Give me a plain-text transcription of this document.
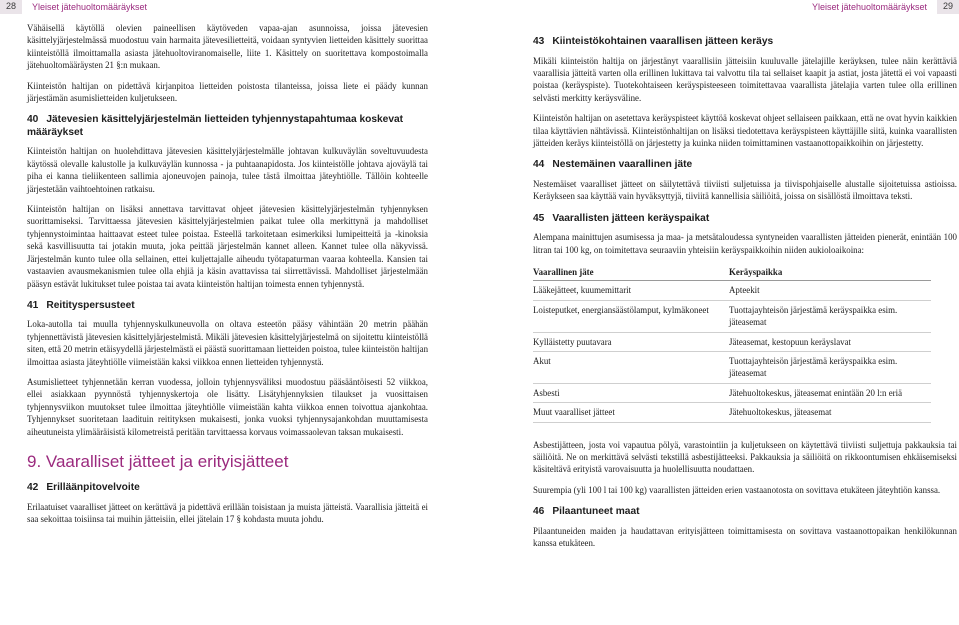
28	Yleiset jätehuoltomääräykset	Yleiset jätehuoltomääräykset	29

Vähäisellä käytöllä olevien paineellisen käytöveden vapaa-ajan asunnoissa, joissa jätevesien käsittelyjärjestelmässä muodostuu vain harmaita jätevesilietteitä, voidaan syntyvien lietteiden käsittely suorittaa kiinteistöllä ilmoittamalla asiasta jätehuoltoviranomaiselle, liite 1. Käsittely on suoritettava kompostoimalla jätehuoltomääräysten 21 §:n mukaan.

Kiinteistön haltijan on pidettävä kirjanpitoa lietteiden poistosta tilanteissa, joissa liete ei päädy kunnan järjestämän asumislietteiden kuljetukseen.

40 Jätevesien käsittelyjärjestelmän lietteiden tyhjennystapahtumaa koskevat määräykset

Kiinteistön haltijan on huolehdittava jätevesien käsittelyjärjestelmälle johtavan kulkuväylän soveltuvuudesta käytössä olevalle kalustolle ja kulkuväylän kunnossa - ja puhtaanapidosta. Jos kiinteistölle johtava ajoväylä tai piha ei kanna tieliikenteen sallimia ajoneuvojen painoja, tulee tästä ilmoittaa jäteyhtiölle. Tällöin kohteelle järjestetään vaihtoehtoinen ratkaisu.

Kiinteistön haltijan on lisäksi annettava tarvittavat ohjeet jätevesien käsittelyjärjestelmän tyhjennyksen suorittamiseksi. Tarvittaessa jätevesien käsittelyjärjestelmien paikat tulee olla merkittynä ja mahdolliset tyhjennystoimintaa haittaavat esteet tulee poistaa. Esteellä tarkoitetaan esimerkiksi lumipeitteitä ja -kinoksia sekä kasvillisuutta tai jotakin muuta, joka peittää järjestelmän kannet alleen. Kannet tulee olla näkyvissä. Järjestelmän kunto tulee olla sellainen, ettei kuljettajalle aiheudu työtapaturman vaaraa kohteella. Kansien tai vastaavien avausmekanismien tulee olla ehjiä ja käsin avattavissa tai siirrettävissä. Mahdolliset järjestelmään pääsyn estävät lukitukset tulee poistaa tai avata kiinteistön haltijan toimesta ennen tyhjennystä.

41 Reitityspersusteet

Loka-autolla tai muulla tyhjennyskulkuneuvolla on oltava esteetön pääsy vähintään 20 metrin päähän tyhjennettävistä jätevesien käsittelyjärjestelmistä. Mikäli jätevesien käsittelyjärjestelmä on sijoitettu kiinteistöllä siten, että 20 metrin etäisyydellä järjestelmästä ei päästä suorittamaan lietteiden poistoa, tulee kiinteistön haltijan ilmoittaa asiasta jäteyhtiölle viimeistään kaksi viikkoa ennen lietteiden tyhjennystä.

Asumislietteet tyhjennetään kerran vuodessa, jolloin tyhjennysväliksi muodostuu pääsääntöisesti 52 viikkoa, ellei asiakkaan pyynnöstä tyhjennyskertoja ole lisätty. Lisätyhjennyksien tilaukset ja vuosittaisen tyhjennysviikon muutokset tulee ilmoittaa jäteyhtiölle viimeistään kahta viikkoa ennen toivottua ajankohtaa. Tyhjennykset suoritetaan laadituin reitityksen mukaisesti, jonka vuoksi tyhjennysajankohdan muuttamisesta aiheutuneista ylimääräisistä kilometreistä peritään tarvittaessa korvaus voimassaolevan taksan mukaisesti.

9. Vaaralliset jätteet ja erityisjätteet
42 Erilläänpitovelvoite

Erilaatuiset vaaralliset jätteet on kerättävä ja pidettävä erillään toisistaan ja muista jätteistä. Vaarallisia jätteitä ei saa sekoittaa toisiinsa tai muihin jätteisiin, ellei jätelain 17 § kohdasta muuta johdu.

43 Kiinteistökohtainen vaarallisen jätteen keräys

Mikäli kiinteistön haltija on järjestänyt vaarallisiin jätteisiin kuuluvalle jätelajille keräyksen, tulee näin kerättäviä vaarallisia jätteitä varten olla erillinen lukittava tai valvottu tila tai sellaiset kaapit ja astiat, josta jätettä ei voi vapaasti poistaa (keräyspiste). Tuotekohtaiseen keräyspisteeseen toimitettavaa vaarallista jätelajia varten tulee olla erillinen selvästi merkitty keräysväline.

Kiinteistön haltijan on asetettava keräyspisteet käyttöä koskevat ohjeet sellaiseen paikkaan, että ne ovat hyvin kaikkien tilaa käyttävien nähtävissä. Kiinteistönhaltijan on lisäksi tiedotettava keräyspisteen käyttäjille siitä, kuinka vaarallisten jätteiden keräys kiinteistöllä on järjestetty ja kuinka niiden toimittaminen vastaanottopaikkoihin on järjestetty.

44 Nestemäinen vaarallinen jäte

Nestemäiset vaaralliset jätteet on säilytettävä tiiviisti suljetuissa ja tiivispohjaiselle alustalle sijoitetuissa astioissa. Keräykseen saa käyttää vain hyväksyttyjä, tiiviitä kannellisia säiliöitä, joissa on sisällöstä ilmoittava teksti.

45 Vaarallisten jätteen keräyspaikat

Alempana mainittujen asumisessa ja maa- ja metsätaloudessa syntyneiden vaarallisten jätteiden pienerät, enintään 100 litran tai 100 kg, on toimitettava seuraaviin yhteisiin keräyspaikkoihin niiden aukioloaikoina:

Vaarallinen jäte	Keräyspaikka
Lääkejätteet, kuumemittarit	Apteekit
Loisteputket, energiansäästölamput, kylmäkoneet	Tuottajayhteisön järjestämä keräyspaikka esim. jäteasemat
Kylläistetty puutavara	Jäteasemat, kestopuun keräyslavat
Akut	Tuottajayhteisön järjestämä keräyspaikka esim. jäteasemat
Asbesti	Jätehuoltokeskus, jäteasemat enintään 20 l:n eriä
Muut vaaralliset jätteet	Jätehuoltokeskus, jäteasemat

Asbestijätteen, josta voi vapautua pölyä, varastointiin ja kuljetukseen on käytettävä tiiviisti suljettuja pakkauksia tai säiliöitä. Ne on merkittävä selvästi tekstillä asbestijätteeksi. Pakkauksia ja säiliöitä on rikkoontumisen ehkäisemiseksi käsiteltävä erityistä varovaisuutta ja huolellisuutta noudattaen.

Suurempia (yli 100 l tai 100 kg) vaarallisten jätteiden erien vastaanotosta on sovittava etukäteen jäteyhtiön kanssa.

46 Pilaantuneet maat

Pilaantuneiden maiden ja haudattavan erityisjätteen toimittamisesta on sovittava vastaanottopaikan henkilökunnan kanssa etukäteen.
